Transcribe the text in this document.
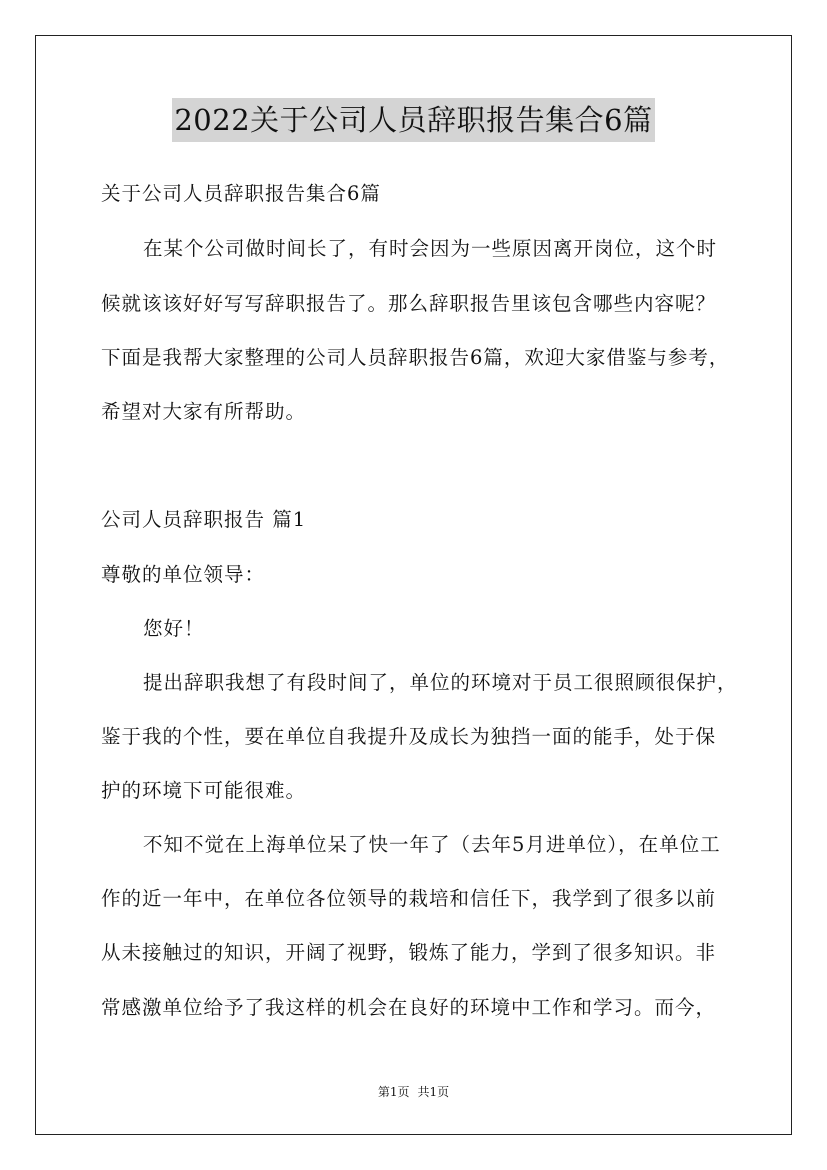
2022关于公司人员辞职报告集合6篇
关于公司人员辞职报告集合6篇
在某个公司做时间长了，有时会因为一些原因离开岗位，这个时
候就该该好好写写辞职报告了。那么辞职报告里该包含哪些内容呢？
下面是我帮大家整理的公司人员辞职报告6篇，欢迎大家借鉴与参考，
希望对大家有所帮助。
公司人员辞职报告 篇1
尊敬的单位领导：
您好！
提出辞职我想了有段时间了，单位的环境对于员工很照顾很保护，
鉴于我的个性，要在单位自我提升及成长为独挡一面的能手，处于保
护的环境下可能很难。
不知不觉在上海单位呆了快一年了（去年5月进单位），在单位工
作的近一年中，在单位各位领导的栽培和信任下，我学到了很多以前
从未接触过的知识，开阔了视野，锻炼了能力，学到了很多知识。非
常感激单位给予了我这样的机会在良好的环境中工作和学习。而今，
第1页 共1页
